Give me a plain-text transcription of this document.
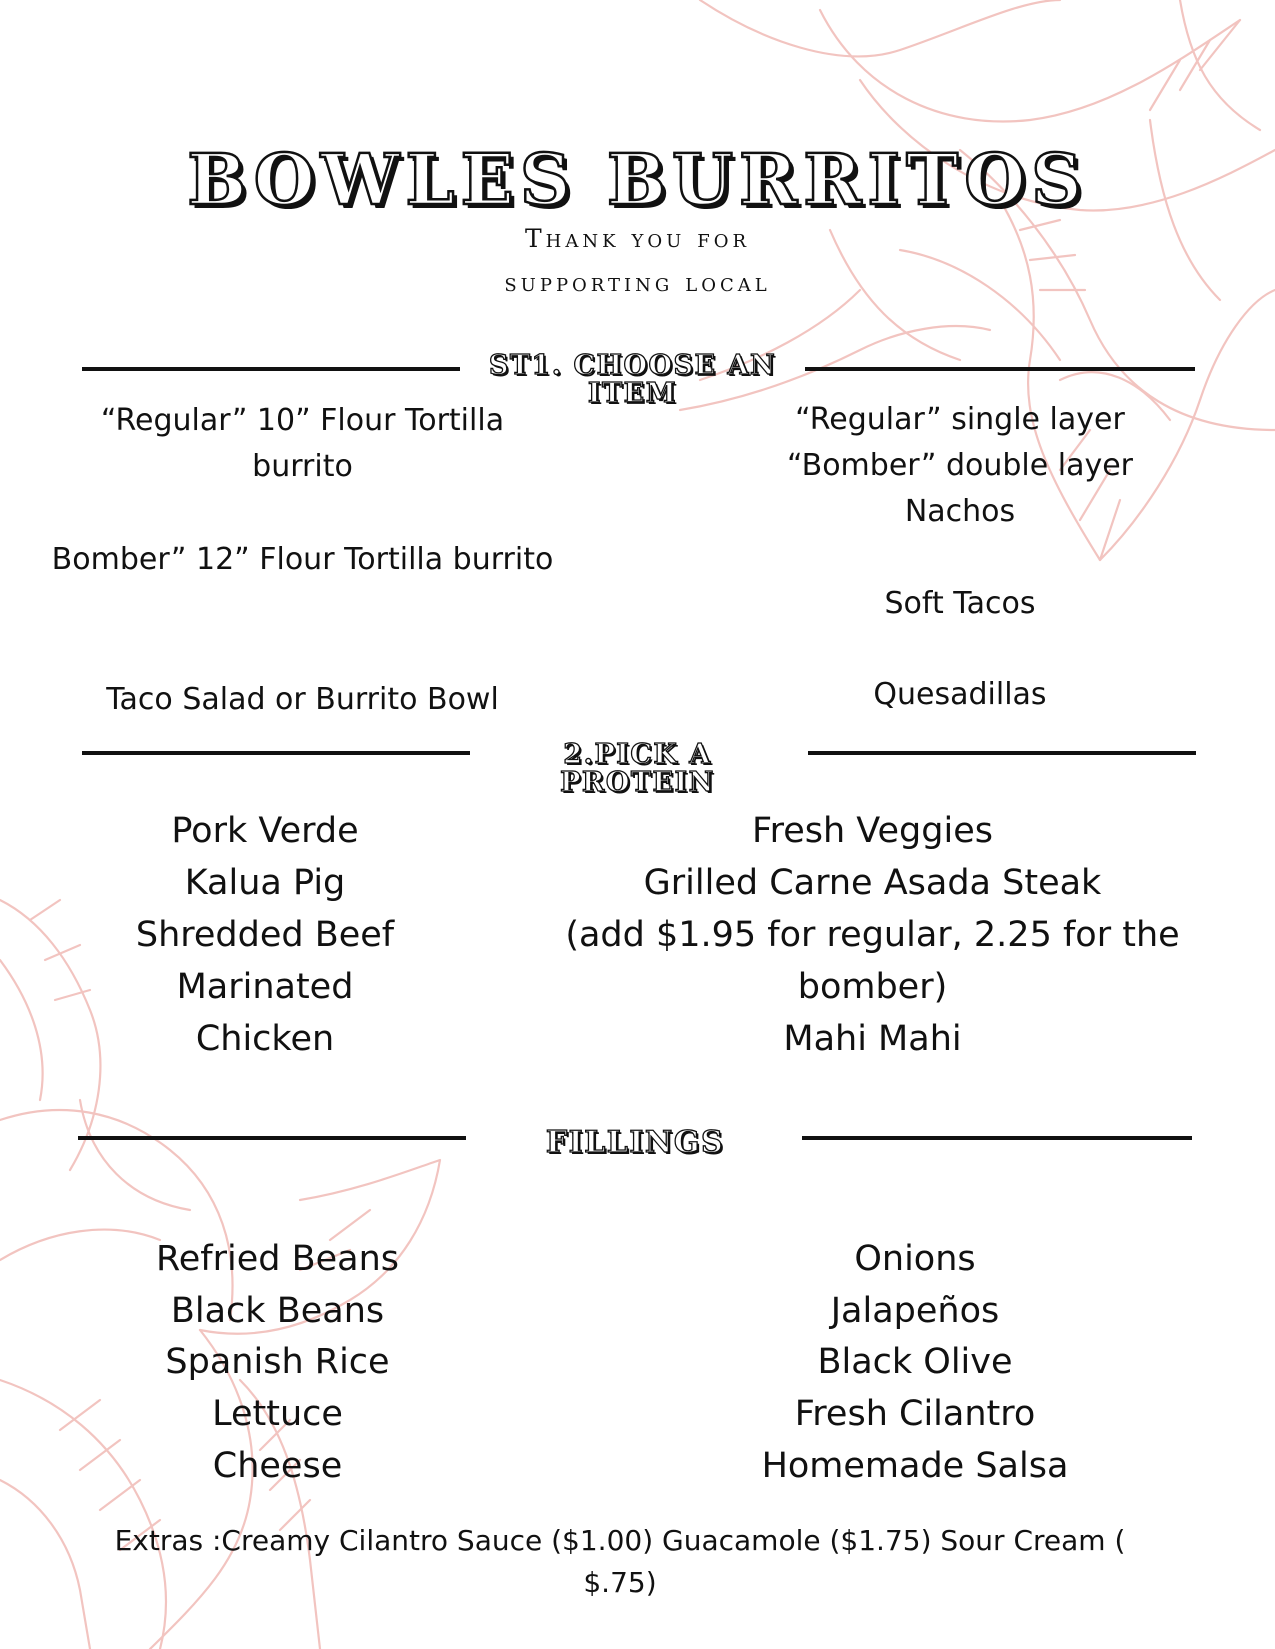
BOWLES BURRITOS
Thank you for
supporting local
ST1. CHOOSE AN ITEM
“Regular” 10” Flour Tortilla burrito
Bomber” 12” Flour Tortilla burrito
Taco Salad or Burrito Bowl
“Regular” single layer
“Bomber” double layer
Nachos
Soft Tacos
Quesadillas
2.PICK A PROTEIN
Pork Verde
Kalua Pig
Shredded Beef
Marinated
Chicken
Fresh Veggies
Grilled Carne Asada Steak
(add $1.95 for regular, 2.25 for the bomber)
Mahi Mahi
FILLINGS
Refried Beans
Black Beans
Spanish Rice
Lettuce
Cheese
Onions
Jalapeños
Black Olive
Fresh Cilantro
Homemade Salsa
Extras :Creamy Cilantro Sauce ($1.00) Guacamole ($1.75) Sour Cream ( $.75)
